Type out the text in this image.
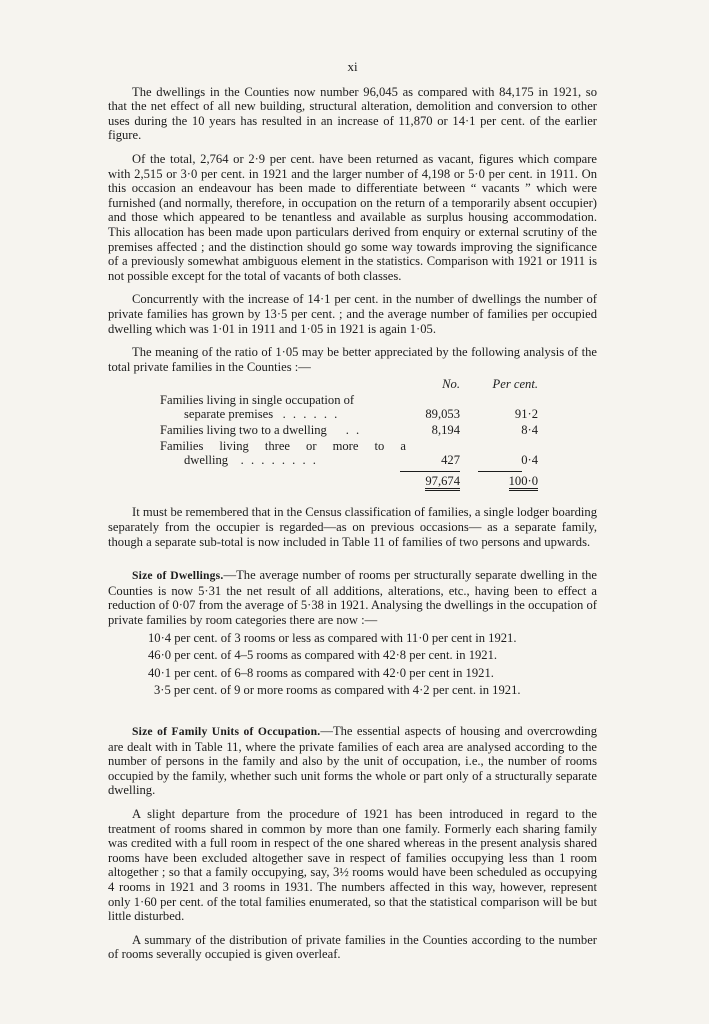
xi

The dwellings in the Counties now number 96,045 as compared with 84,175 in 1921, so that the net effect of all new building, structural alteration, demolition and conversion to other uses during the 10 years has resulted in an increase of 11,870 or 14·1 per cent. of the earlier figure.

Of the total, 2,764 or 2·9 per cent. have been returned as vacant, figures which compare with 2,515 or 3·0 per cent. in 1921 and the larger number of 4,198 or 5·0 per cent. in 1911. On this occasion an endeavour has been made to differentiate between “ vacants ” which were furnished (and normally, therefore, in occupation on the return of a temporarily absent occupier) and those which appeared to be tenantless and available as surplus housing accommodation. This allocation has been made upon particulars derived from enquiry or external scrutiny of the premises affected ; and the distinction should go some way towards improving the significance of a previously somewhat ambiguous element in the statistics. Comparison with 1921 or 1911 is not possible except for the total of vacants of both classes.

Concurrently with the increase of 14·1 per cent. in the number of dwellings the number of private families has grown by 13·5 per cent. ; and the average number of families per occupied dwelling which was 1·01 in 1911 and 1·05 in 1921 is again 1·05.

The meaning of the ratio of 1·05 may be better appreciated by the following analysis of the total private families in the Counties :—

No.	Per cent.
Families living in single occupation of
separate premises . . . . . .	89,053	91·2
Families living two to a dwelling . .	8,194	8·4
Families living three or more to a
dwelling . . . . . . . .	427	0·4
97,674	100·0

It must be remembered that in the Census classification of families, a single lodger boarding separately from the occupier is regarded—as on previous occasions— as a separate family, though a separate sub-total is now included in Table 11 of families of two persons and upwards.

Size of Dwellings.—The average number of rooms per structurally separate dwelling in the Counties is now 5·31 the net result of all additions, alterations, etc., having been to effect a reduction of 0·07 from the average of 5·38 in 1921. Analysing the dwellings in the occupation of private families by room categories there are now :—

10·4 per cent. of 3 rooms or less as compared with 11·0 per cent in 1921.
46·0 per cent. of 4–5 rooms as compared with 42·8 per cent. in 1921.
40·1 per cent. of 6–8 rooms as compared with 42·0 per cent in 1921.
3·5 per cent. of 9 or more rooms as compared with 4·2 per cent. in 1921.

Size of Family Units of Occupation.—The essential aspects of housing and overcrowding are dealt with in Table 11, where the private families of each area are analysed according to the number of persons in the family and also by the unit of occupation, i.e., the number of rooms occupied by the family, whether such unit forms the whole or part only of a structurally separate dwelling.

A slight departure from the procedure of 1921 has been introduced in regard to the treatment of rooms shared in common by more than one family. Formerly each sharing family was credited with a full room in respect of the one shared whereas in the present analysis shared rooms have been excluded altogether save in respect of families occupying less than 1 room altogether ; so that a family occupying, say, 3½ rooms would have been scheduled as occupying 4 rooms in 1921 and 3 rooms in 1931. The numbers affected in this way, however, represent only 1·60 per cent. of the total families enumerated, so that the statistical comparison will be but little disturbed.

A summary of the distribution of private families in the Counties according to the number of rooms severally occupied is given overleaf.
